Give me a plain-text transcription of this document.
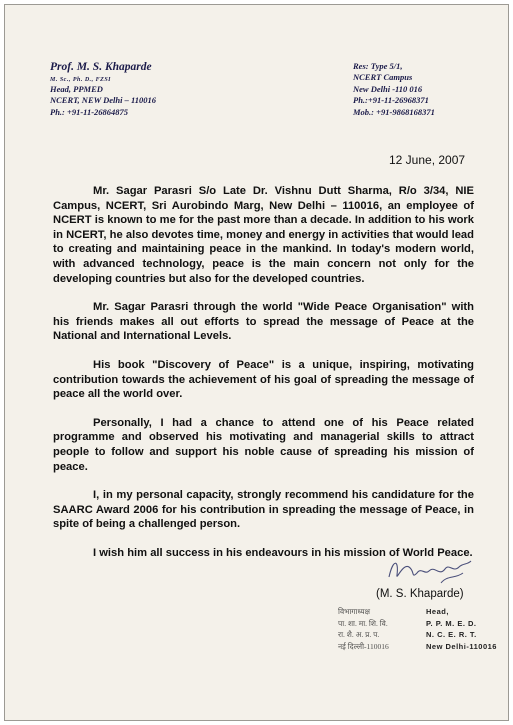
Prof. M. S. Khaparde
M. Sc., Ph. D., FZSI
Head, PPMED
NCERT, NEW Delhi – 110016
Ph.: +91-11-26864875
Res: Type 5/1,
NCERT Campus
New Delhi -110 016
Ph.:+91-11-26968371
Mob.: +91-9868168371
12 June, 2007

Mr. Sagar Parasri S/o Late Dr. Vishnu Dutt Sharma, R/o 3/34, NIE Campus, NCERT, Sri Aurobindo Marg, New Delhi – 110016, an employee of NCERT is known to me for the past more than a decade. In addition to his work in NCERT, he also devotes time, money and energy in activities that would lead to creating and maintaining peace in the mankind. In today's modern world, with advanced technology, peace is the main concern not only for the developing countries but also for the developed countries.

Mr. Sagar Parasri through the world "Wide Peace Organisation" with his friends makes all out efforts to spread the message of Peace at the National and International Levels.

His book "Discovery of Peace" is a unique, inspiring, motivating contribution towards the achievement of his goal of spreading the message of peace all the world over.

Personally, I had a chance to attend one of his Peace related programme and observed his motivating and managerial skills to attract people to follow and support his noble cause of spreading his mission of peace.

I, in my personal capacity, strongly recommend his candidature for the SAARC Award 2006 for his contribution in spreading the message of Peace, in spite of being a challenged person.

I wish him all success in his endeavours in his mission of World Peace.

(M. S. Khaparde)
विभागाध्यक्ष
पा. शा. मा. शि. वि.
रा. शै. अ. प्र. प.
नई दिल्ली-110016
Head,
P. P. M. E. D.
N. C. E. R. T.
New Delhi-110016
